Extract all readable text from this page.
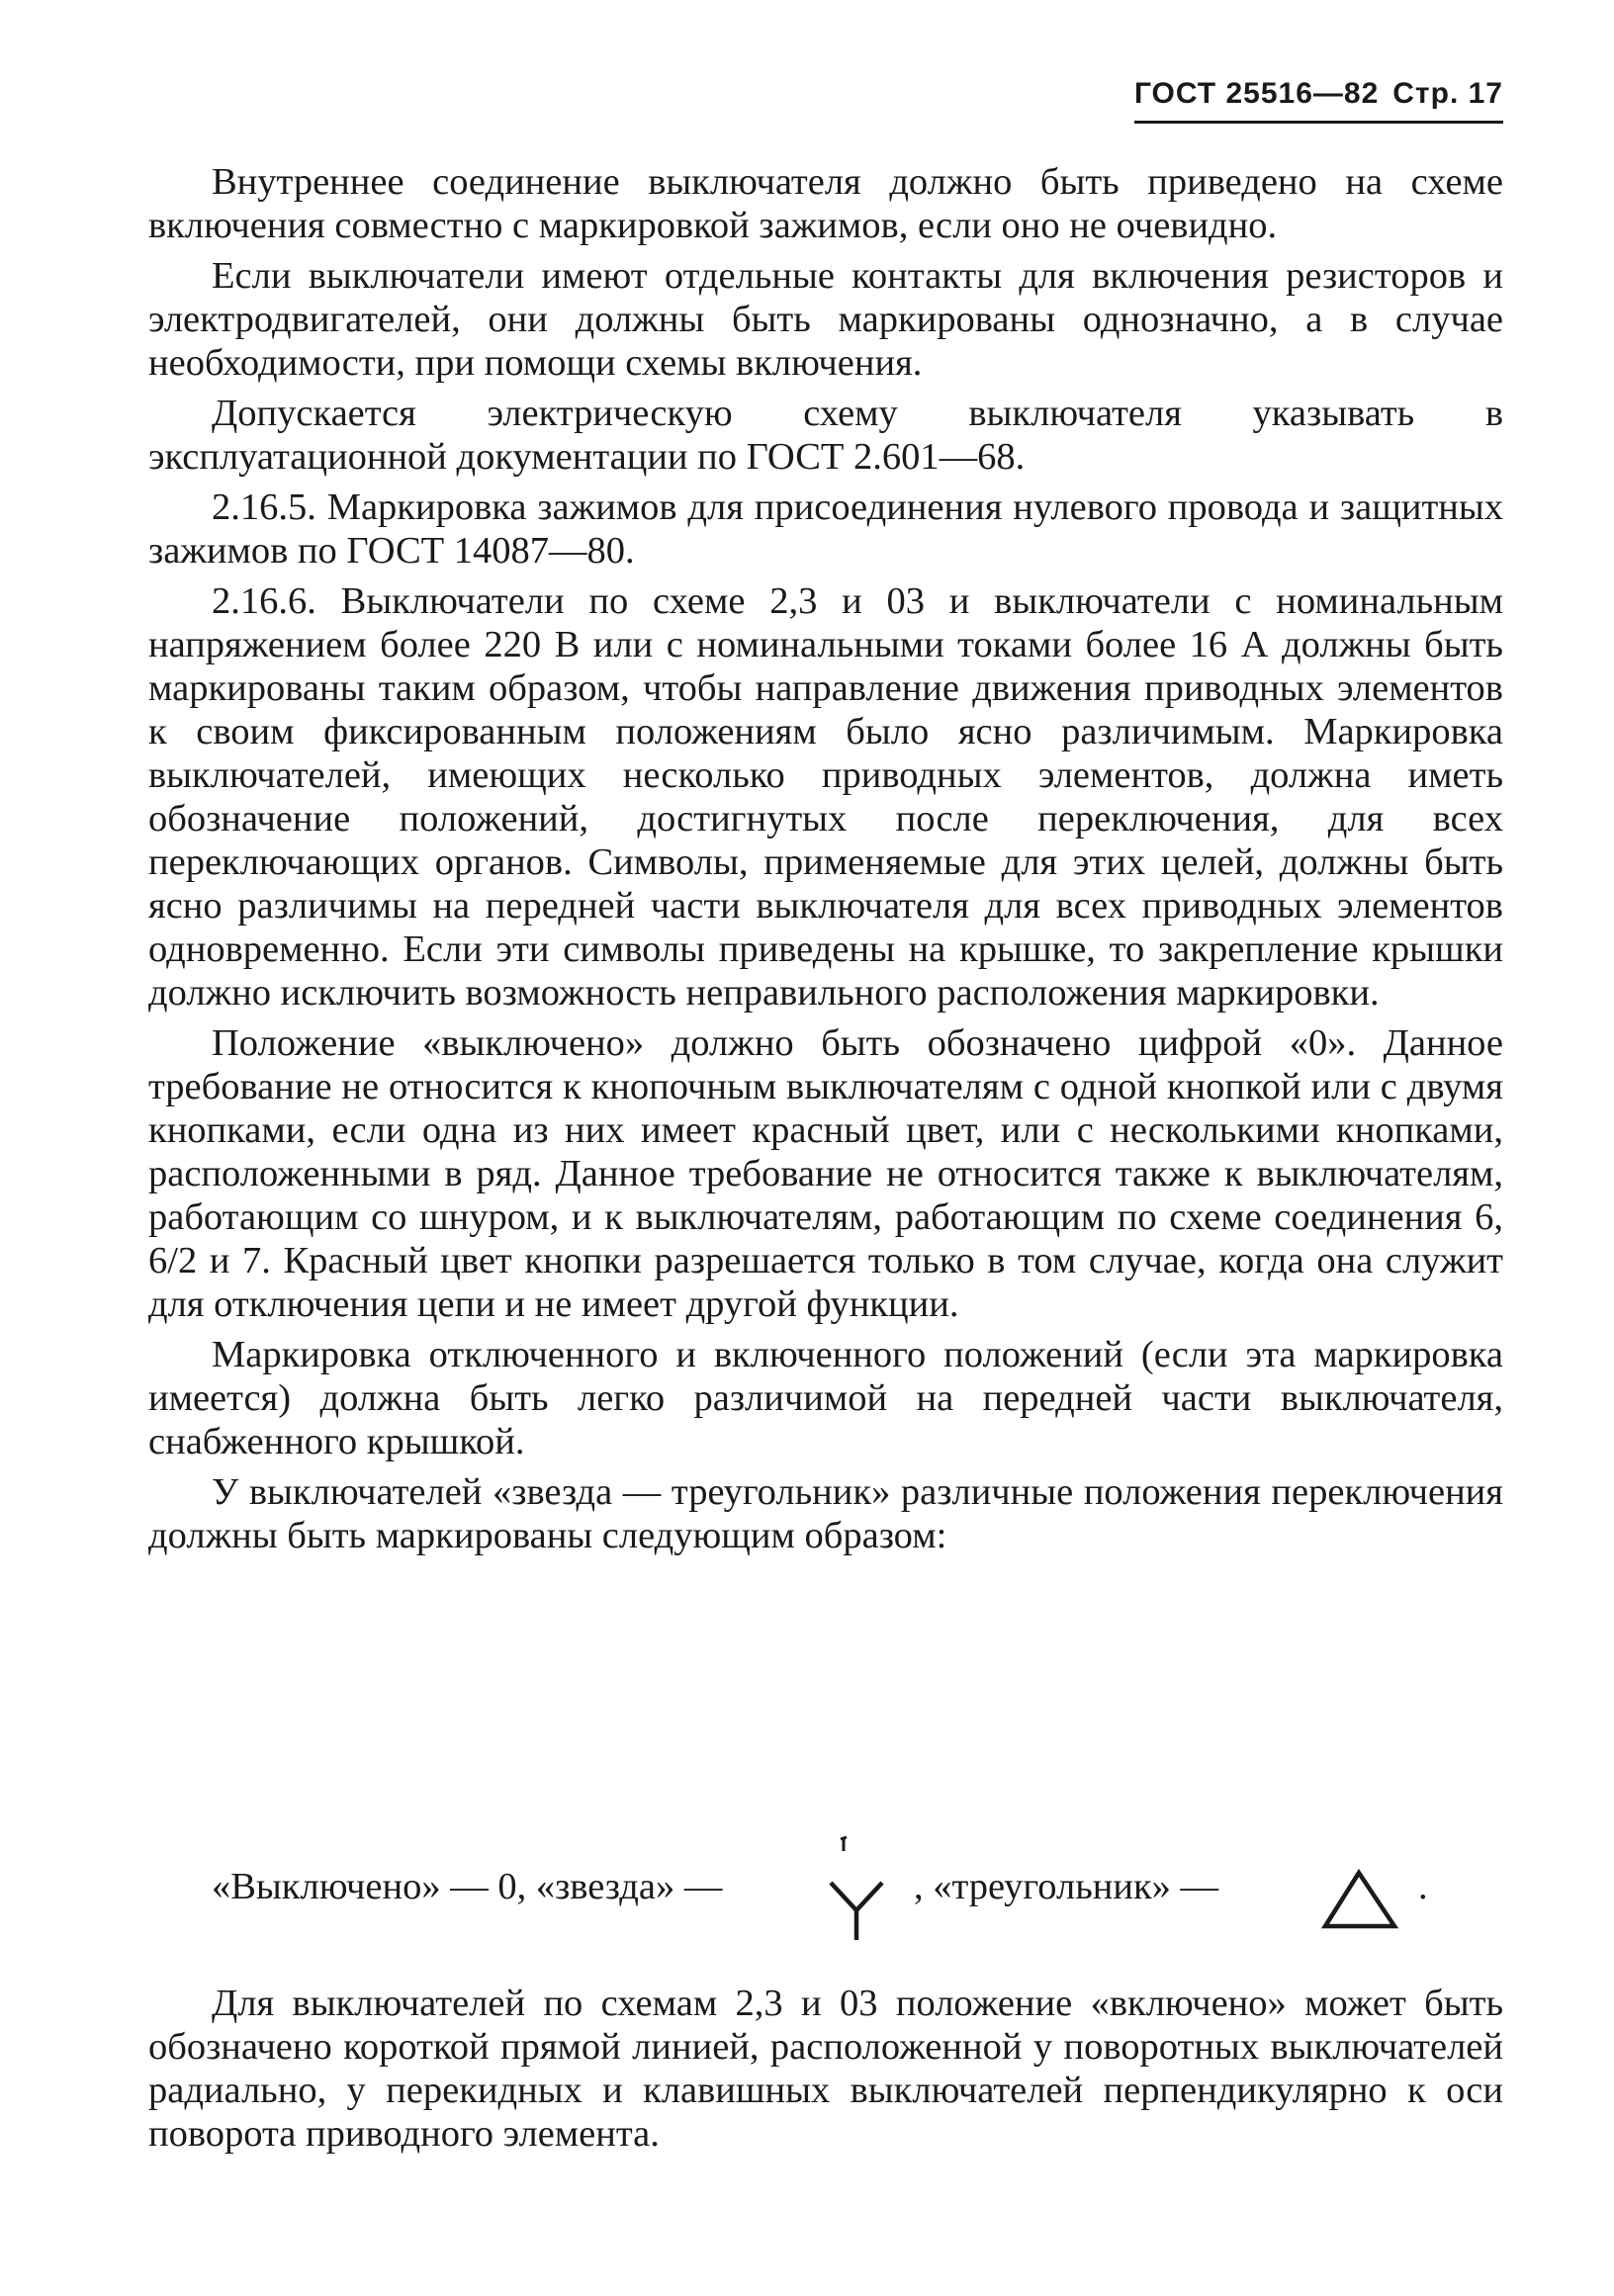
ГОСТ 25516—82 Стр. 17

Внутреннее соединение выключателя должно быть приведено на схеме включения совместно с маркировкой зажимов, если оно не очевидно.

Если выключатели имеют отдельные контакты для включения резисторов и электродвигателей, они должны быть маркированы однозначно, а в случае необходимости, при помощи схемы включения.

Допускается электрическую схему выключателя указывать в эксплуатационной документации по ГОСТ 2.601—68.

2.16.5. Маркировка зажимов для присоединения нулевого провода и защитных зажимов по ГОСТ 14087—80.

2.16.6. Выключатели по схеме 2,3 и 03 и выключатели с номинальным напряжением более 220 В или с номинальными токами более 16 А должны быть маркированы таким образом, чтобы направление движения приводных элементов к своим фиксированным положениям было ясно различимым. Маркировка выключателей, имеющих несколько приводных элементов, должна иметь обозначение положений, достигнутых после переключения, для всех переключающих органов. Символы, применяемые для этих целей, должны быть ясно различимы на передней части выключателя для всех приводных элементов одновременно. Если эти символы приведены на крышке, то закрепление крышки должно исключить возможность неправильного расположения маркировки.

Положение «выключено» должно быть обозначено цифрой «0». Данное требование не относится к кнопочным выключателям с одной кнопкой или с двумя кнопками, если одна из них имеет красный цвет, или с несколькими кнопками, расположенными в ряд. Данное требование не относится также к выключателям, работающим со шнуром, и к выключателям, работающим по схеме соединения 6, 6/2 и 7. Красный цвет кнопки разрешается только в том случае, когда она служит для отключения цепи и не имеет другой функции.

Маркировка отключенного и включенного положений (если эта маркировка имеется) должна быть легко различимой на передней части выключателя, снабженного крышкой.

У выключателей «звезда — треугольник» различные положения переключения должны быть маркированы следующим образом:

«Выключено» — 0, «звезда» —	, «треугольник» —	.

Для выключателей по схемам 2,3 и 03 положение «включено» может быть обозначено короткой прямой линией, расположенной у поворотных выключателей радиально, у перекидных и клавишных выключателей перпендикулярно к оси поворота приводного элемента.
